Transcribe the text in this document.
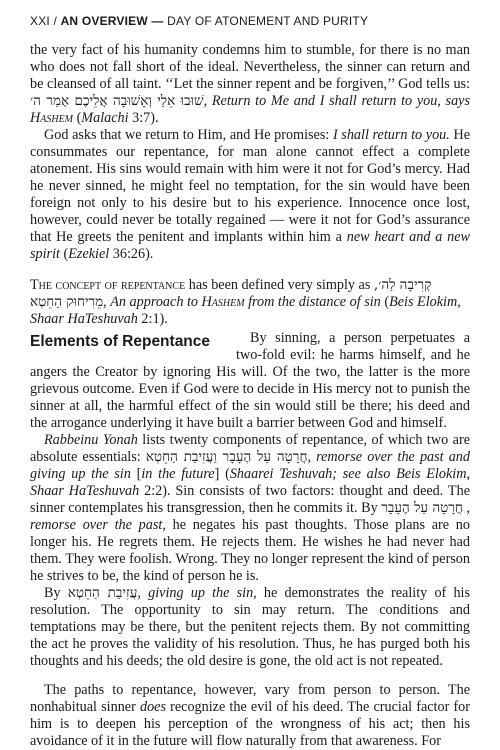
XXI / AN OVERVIEW — DAY OF ATONEMENT AND PURITY

the very fact of his humanity condemns him to stumble, for there is no man who does not fall short of the ideal. Nevertheless, the sinner can return and be cleansed of all taint. ‘‘Let the sinner repent and be forgiven,’’ God tells us: שׁוּבוּ אֵלַי וְאָשׁוּבָה אֲלֵיכֶם אָמַר ה׳, Return to Me and I shall return to you, says Hashem (Malachi 3:7).

God asks that we return to Him, and He promises: I shall return to you. He consummates our repentance, for man alone cannot effect a complete atonement. His sins would remain with him were it not for God’s mercy. Had he never sinned, he might feel no temptation, for the sin would have been foreign not only to his desire but to his experience. Innocence once lost, however, could never be totally regained — were it not for God’s assurance that He greets the penitent and implants within him a new heart and a new spirit (Ezekiel 36:26).

The concept of repentance has been defined very simply as קְרִיבָה לַה׳, מֵרִיחוּק הַחֵטְא, An approach to Hashem from the distance of sin (Beis Elokim, Shaar HaTeshuvah 2:1).

Elements of Repentance	By sinning, a person perpetuates a two-fold evil: he harms himself, and he angers the Creator by ignoring His will. Of the two, the latter is the more grievous outcome. Even if God were to decide in His mercy not to punish the sinner at all, the harmful effect of the sin would still be there; his deed and the arrogance underlying it have built a barrier between God and himself.

Rabbeinu Yonah lists twenty components of repentance, of which two are absolute essentials: חֲרָטָה עַל הֶעָבָר וַעֲזִיבַת הַחֵטְא, remorse over the past and giving up the sin [in the future] (Shaarei Teshuvah; see also Beis Elokim, Shaar HaTeshuvah 2:2). Sin consists of two factors: thought and deed. The sinner contemplates his transgression, then he commits it. By חֲרָטָה עַל הֶעָבָר , remorse over the past, he negates his past thoughts. Those plans are no longer his. He regrets them. He rejects them. He wishes he had never had them. They were foolish. Wrong. They no longer represent the kind of person he strives to be, the kind of person he is.

By עֲזִיבַת הַחֵטְא, giving up the sin, he demonstrates the reality of his resolution. The opportunity to sin may return. The conditions and temptations may be there, but the penitent rejects them. By not committing the act he proves the validity of his resolution. Thus, he has purged both his thoughts and his deeds; the old desire is gone, the old act is not repeated.

The paths to repentance, however, vary from person to person. The nonhabitual sinner does recognize the evil of his deed. The crucial factor for him is to deepen his perception of the wrongness of his act; then his avoidance of it in the future will flow naturally from that awareness. For
